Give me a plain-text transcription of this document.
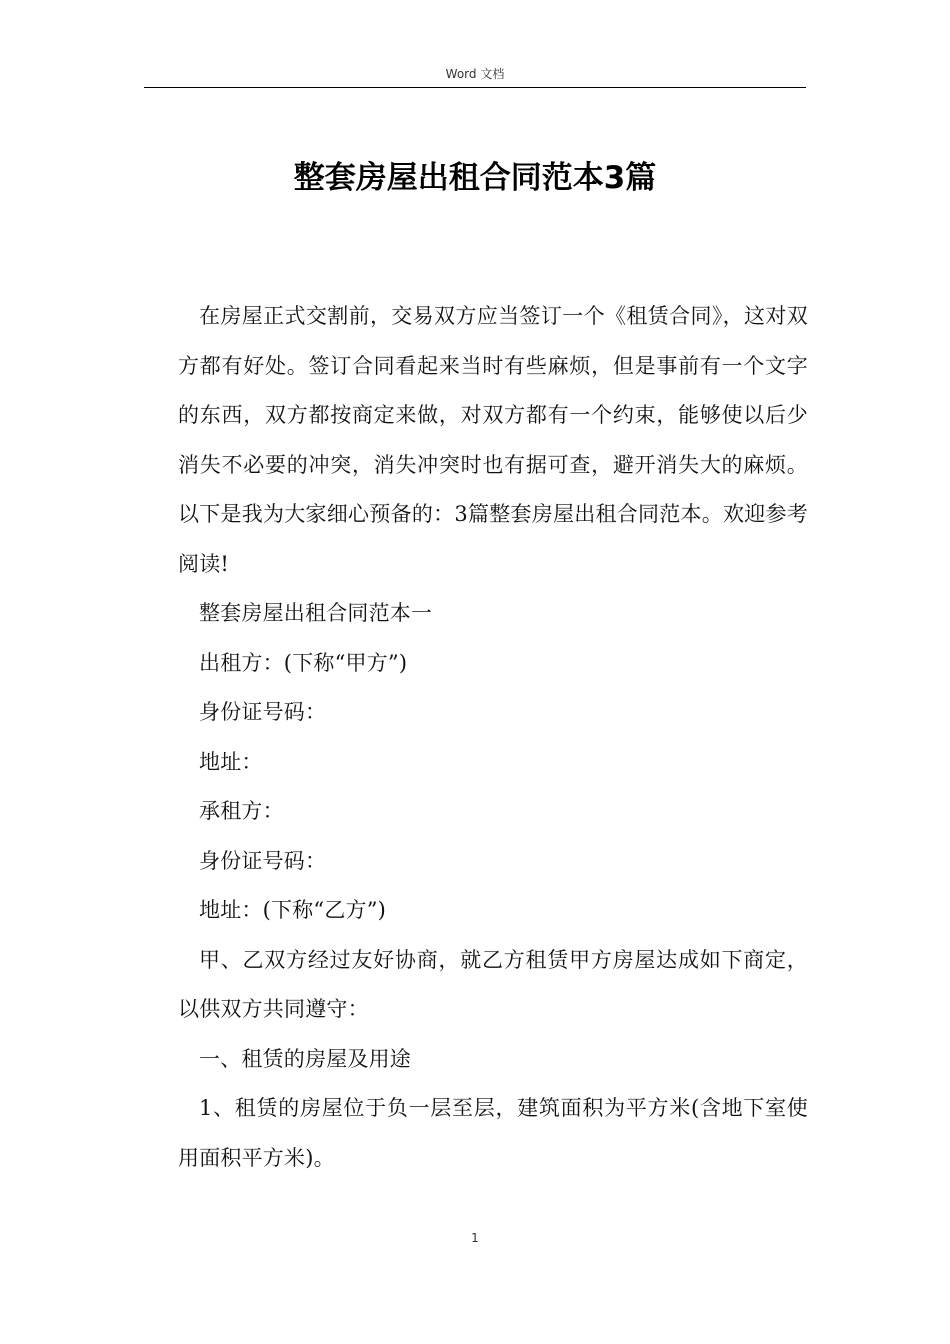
Word 文档
整套房屋出租合同范本3篇

在房屋正式交割前，交易双方应当签订一个《租赁合同》，这对双方都有好处。签订合同看起来当时有些麻烦，但是事前有一个文字的东西，双方都按商定来做，对双方都有一个约束，能够使以后少消失不必要的冲突，消失冲突时也有据可查，避开消失大的麻烦。以下是我为大家细心预备的：3篇整套房屋出租合同范本。欢迎参考阅读!

整套房屋出租合同范本一

出租方：(下称“甲方”)

身份证号码：

地址：

承租方：

身份证号码：

地址：(下称“乙方”)

甲、乙双方经过友好协商，就乙方租赁甲方房屋达成如下商定，以供双方共同遵守：

一、租赁的房屋及用途

1、租赁的房屋位于负一层至层，建筑面积为平方米(含地下室使用面积平方米)。

1
